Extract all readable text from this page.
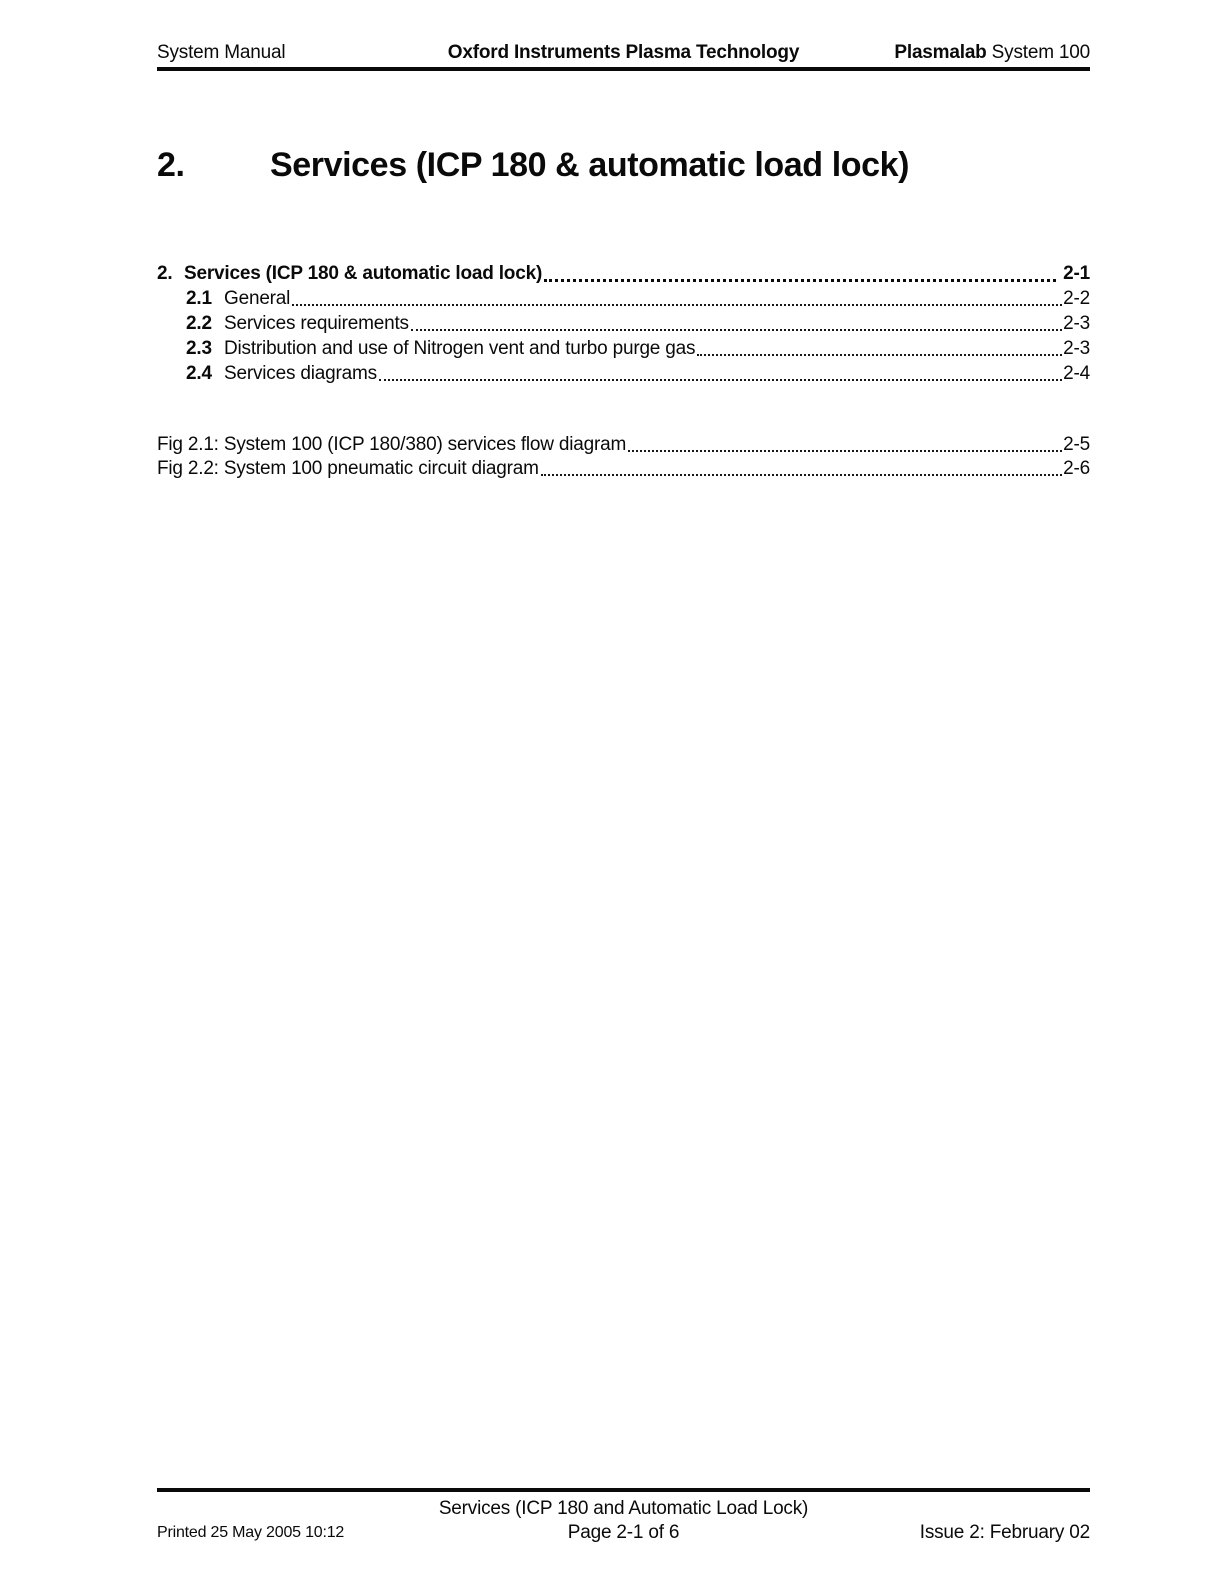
System Manual	Oxford Instruments Plasma Technology	Plasmalab System 100
2.	Services (ICP 180 & automatic load lock)
2. Services (ICP 180 & automatic load lock)	2-1
2.1 General	2-2
2.2 Services requirements	2-3
2.3 Distribution and use of Nitrogen vent and turbo purge gas	2-3
2.4 Services diagrams	2-4
Fig 2.1: System 100 (ICP 180/380) services flow diagram	2-5
Fig 2.2: System 100 pneumatic circuit diagram	2-6
Services (ICP 180 and Automatic Load Lock)
Printed 25 May 2005 10:12	Page 2-1 of 6	Issue 2: February 02
